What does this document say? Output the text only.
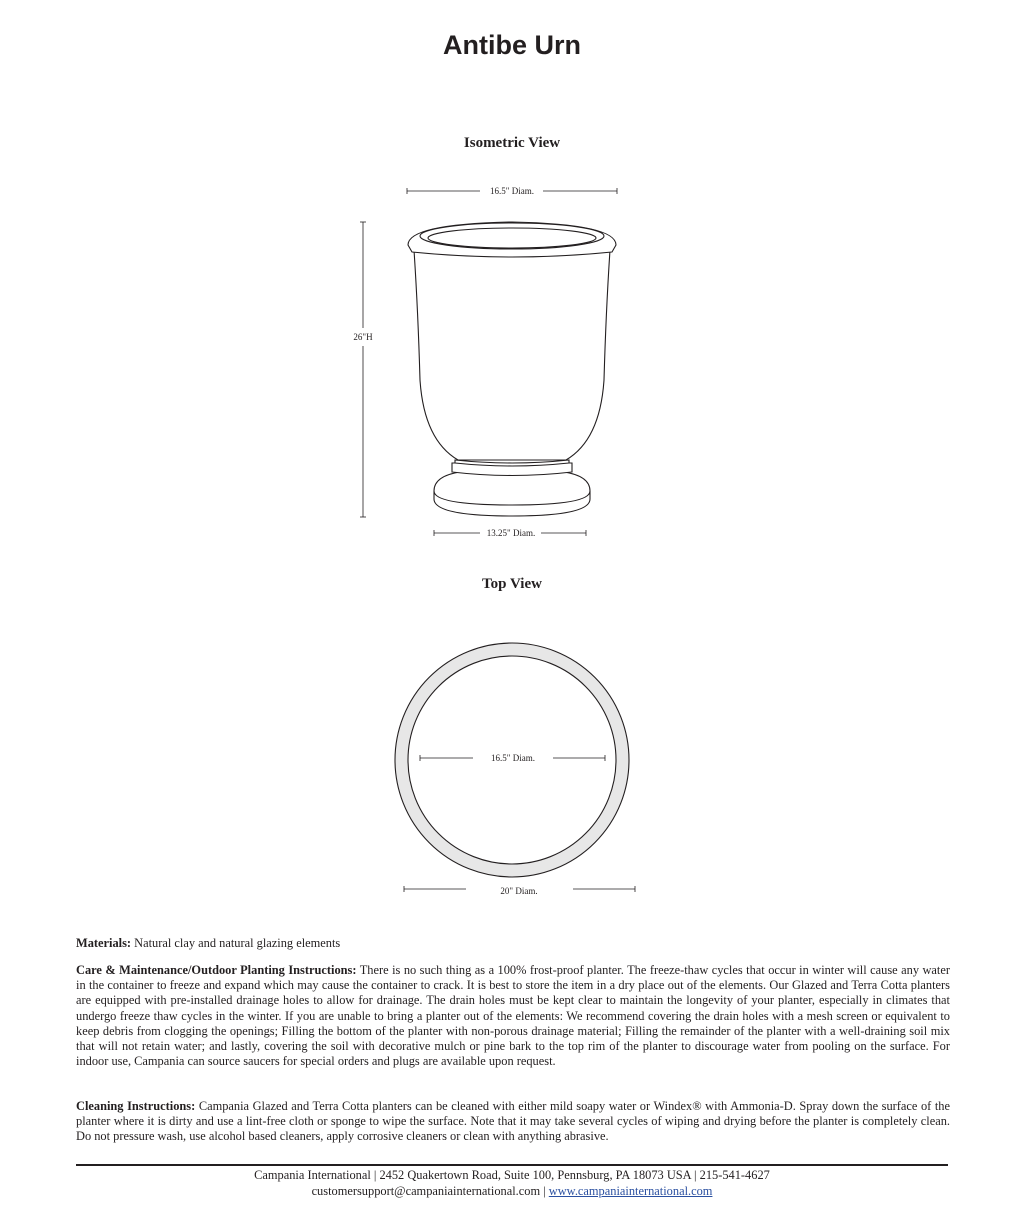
Antibe Urn
Isometric View
16.5" Diam.
26"H
13.25" Diam.
16.5" Diam.
20" Diam.
Top View
Materials: Natural clay and natural glazing elements
Care & Maintenance/Outdoor Planting Instructions: There is no such thing as a 100% frost-proof planter. The freeze-thaw cycles that occur in winter will cause any water in the container to freeze and expand which may cause the container to crack. It is best to store the item in a dry place out of the elements. Our Glazed and Terra Cotta planters are equipped with pre-installed drainage holes to allow for drainage. The drain holes must be kept clear to maintain the longevity of your planter, especially in climates that undergo freeze thaw cycles in the winter. If you are unable to bring a planter out of the elements: We recommend covering the drain holes with a mesh screen or equivalent to keep debris from clogging the openings; Filling the bottom of the planter with non-porous drainage material; Filling the remainder of the planter with a well-draining soil mix that will not retain water; and lastly, covering the soil with decorative mulch or pine bark to the top rim of the planter to discourage water from pooling on the surface. For indoor use, Campania can source saucers for special orders and plugs are available upon request.
Cleaning Instructions: Campania Glazed and Terra Cotta planters can be cleaned with either mild soapy water or Windex® with Ammonia-D. Spray down the surface of the planter where it is dirty and use a lint-free cloth or sponge to wipe the surface. Note that it may take several cycles of wiping and drying before the planter is completely clean. Do not pressure wash, use alcohol based cleaners, apply corrosive cleaners or clean with anything abrasive.
Campania International | 2452 Quakertown Road, Suite 100, Pennsburg, PA 18073 USA | 215-541-4627
customersupport@campaniainternational.com | www.campaniainternational.com
